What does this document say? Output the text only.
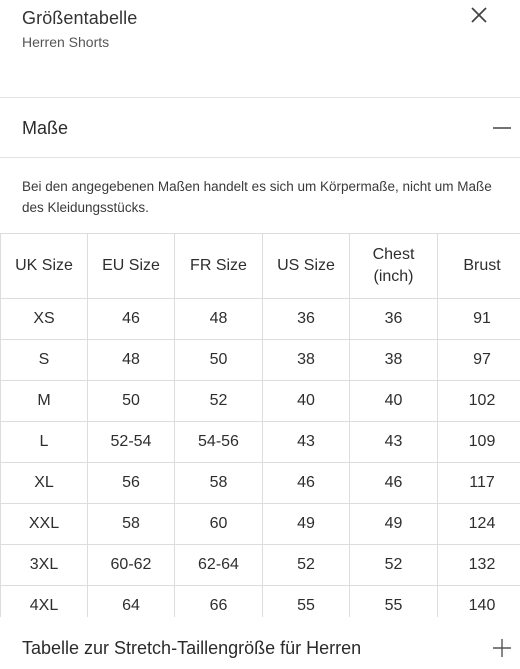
Größentabelle
Herren Shorts
Maße
Bei den angegebenen Maßen handelt es sich um Körpermaße, nicht um Maße des Kleidungsstücks.
UK Size	EU Size	FR Size	US Size	Chest (inch)	Brust
XS	46	48	36	36	91
S	48	50	38	38	97
M	50	52	40	40	102
L	52-54	54-56	43	43	109
XL	56	58	46	46	117
XXL	58	60	49	49	124
3XL	60-62	62-64	52	52	132
4XL	64	66	55	55	140
Tabelle zur Stretch-Taillengröße für Herren
